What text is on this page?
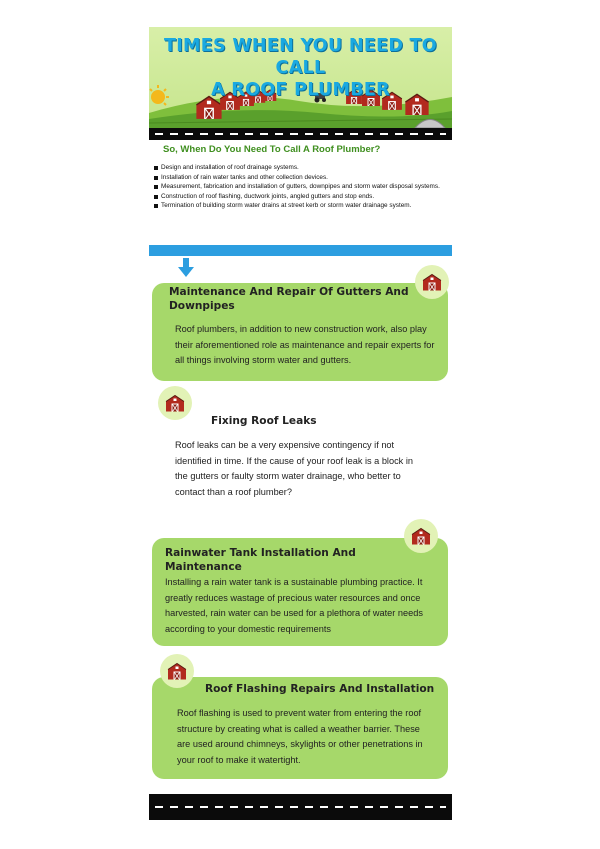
TIMES WHEN YOU NEED TO CALL
A ROOF PLUMBER
So, When Do You Need To Call A Roof Plumber?
Design and installation of roof drainage systems.
Installation of rain water tanks and other collection devices.
Measurement, fabrication and installation of gutters, downpipes and storm water disposal systems.
Construction of roof flashing, ductwork joints, angled gutters and stop ends.
Termination of building storm water drains at street kerb or storm water drainage system.
Maintenance And Repair Of Gutters And Downpipes
Roof plumbers, in addition to new construction work, also play their aforementioned role as maintenance and repair experts for all things involving storm water and gutters.
Fixing Roof Leaks
Roof leaks can be a very expensive contingency if not identified in time. If the cause of your roof leak is a block in the gutters or faulty storm water drainage, who better to contact than a roof plumber?
Rainwater Tank Installation And Maintenance
Installing a rain water tank is a sustainable plumbing practice. It greatly reduces wastage of precious water resources and once harvested, rain water can be used for a plethora of water needs according to your domestic requirements
Roof Flashing Repairs And Installation
Roof flashing is used to prevent water from entering the roof structure by creating what is called a weather barrier. These are used around chimneys, skylights or other penetrations in your roof to make it watertight.
